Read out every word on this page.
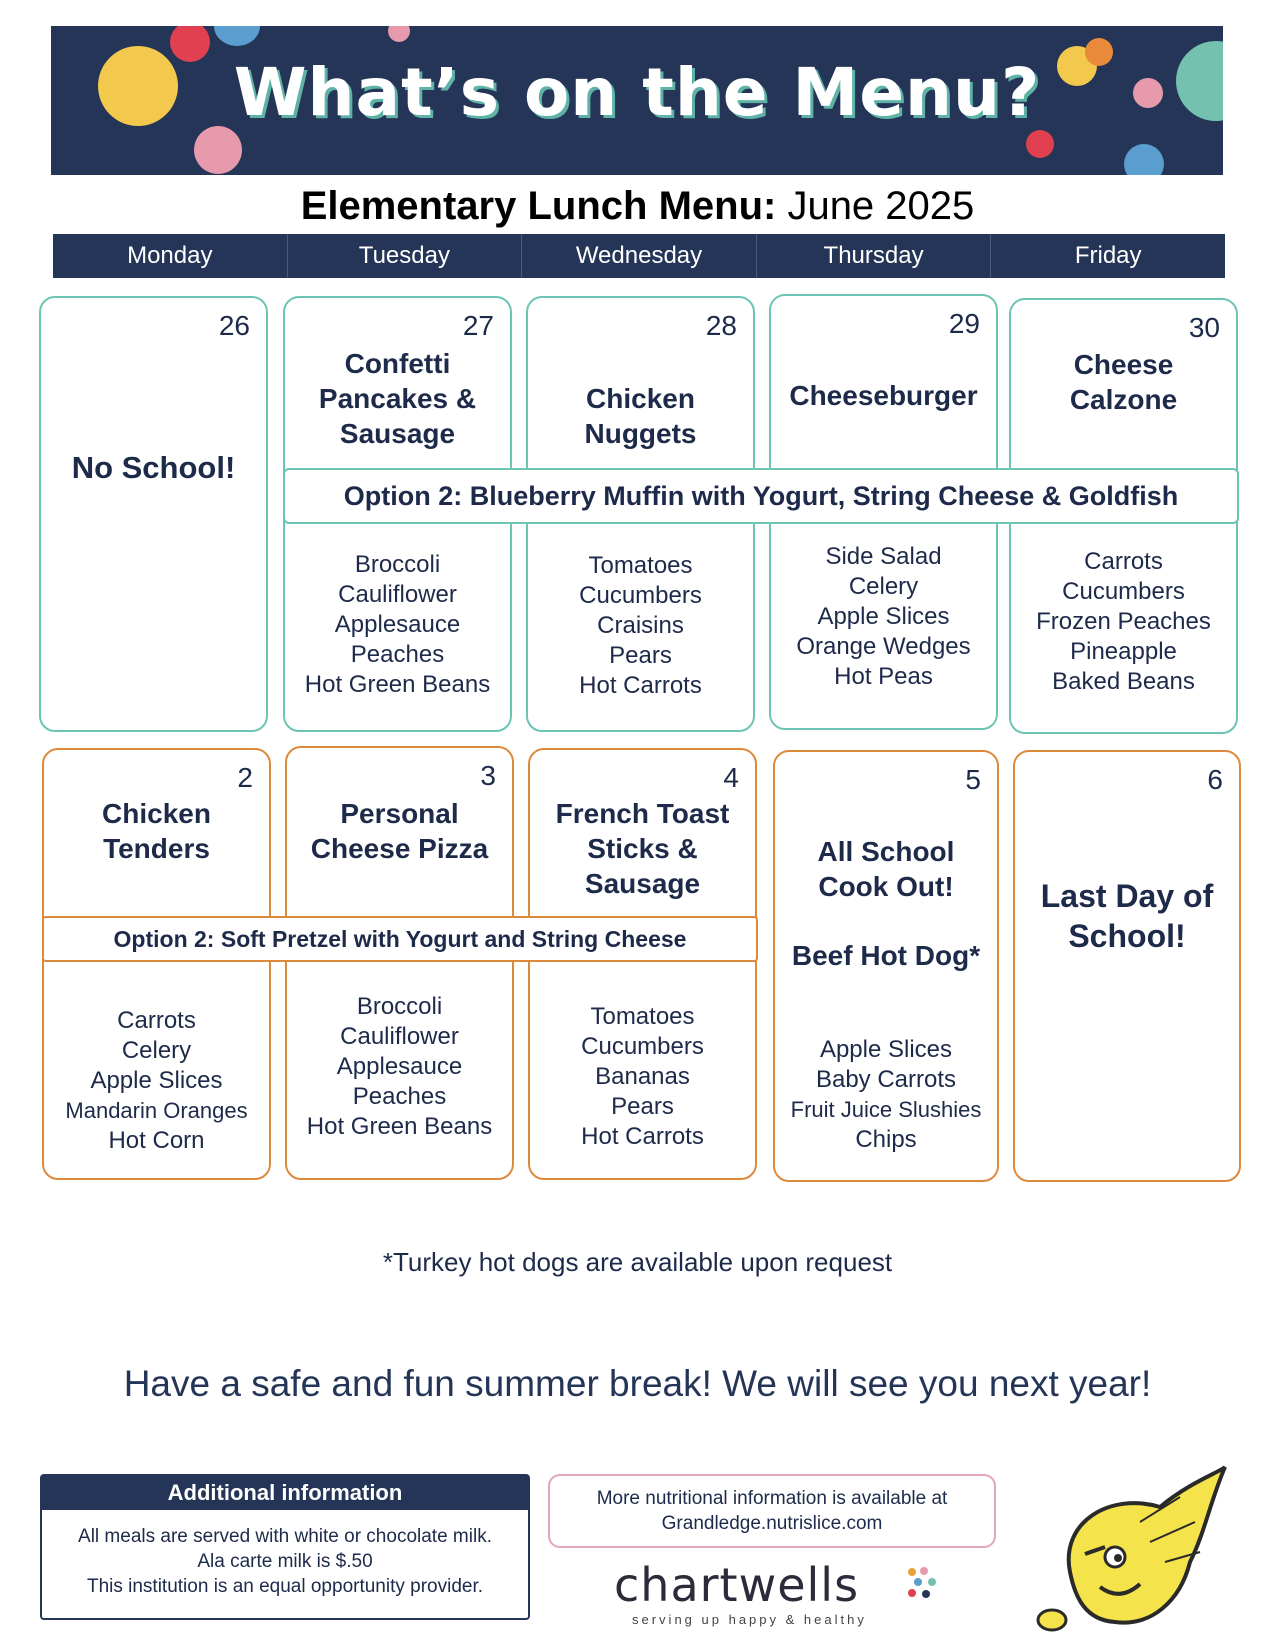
What’s on the Menu?
Elementary Lunch Menu: June 2025
Monday	Tuesday	Wednesday	Thursday	Friday
26
No School!
27
Confetti
Pancakes &
Sausage
Broccoli
Cauliflower
Applesauce
Peaches
Hot Green Beans
28
Chicken
Nuggets
Tomatoes
Cucumbers
Craisins
Pears
Hot Carrots
29
Cheeseburger
Side Salad
Celery
Apple Slices
Orange Wedges
Hot Peas
30
Cheese
Calzone
Carrots
Cucumbers
Frozen Peaches
Pineapple
Baked Beans
Option 2: Blueberry Muffin with Yogurt, String Cheese & Goldfish
2
Chicken
Tenders
Carrots
Celery
Apple Slices
Mandarin Oranges
Hot Corn
3
Personal
Cheese Pizza
Broccoli
Cauliflower
Applesauce
Peaches
Hot Green Beans
4
French Toast
Sticks &
Sausage
Tomatoes
Cucumbers
Bananas
Pears
Hot Carrots
5
All School
Cook Out!
Beef Hot Dog*
Apple Slices
Baby Carrots
Fruit Juice Slushies
Chips
6
Last Day of
School!
Option 2: Soft Pretzel with Yogurt and String Cheese
*Turkey hot dogs are available upon request
Have a safe and fun summer break! We will see you next year!
Additional information
All meals are served with white or chocolate milk.
Ala carte milk is $.50
This institution is an equal opportunity provider.
More nutritional information is available at
Grandledge.nutrislice.com
chartwells
serving up happy & healthy
